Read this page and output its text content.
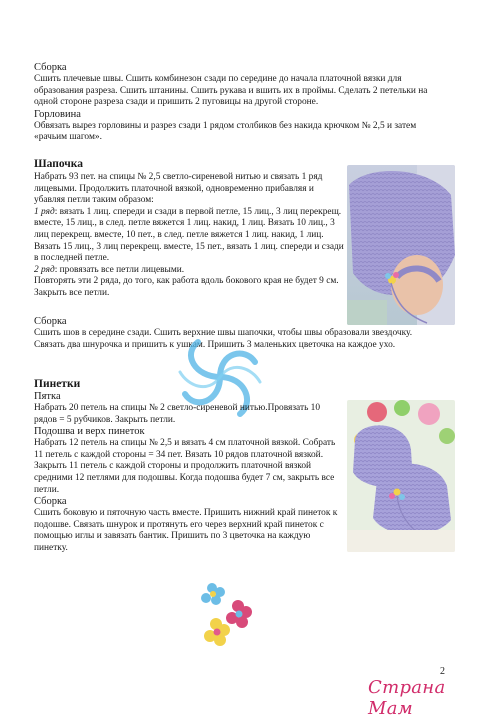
Сборка

Сшить плечевые швы. Сшить комбинезон сзади по середине до начала платочной вязки для образования разреза. Сшить штанины. Сшить рукава и вшить их в проймы. Сделать 2 петельки на одной стороне разреза сзади и пришить 2 пуговицы на другой стороне.

Горловина

Обвязать вырез горловины и разрез сзади 1 рядом столбиков без накида крючком № 2,5 и затем «рачьим шагом».

Шапочка

Набрать 93 пет. на спицы № 2,5 светло-сиреневой нитью и связать 1 ряд лицевыми. Продолжить платочной вязкой, одновременно прибавляя и убавляя петли таким образом:

1 ряд: вязать 1 лиц. спереди и сзади в первой петле, 15 лиц., 3 лиц перекрещ. вместе, 15 лиц., в след. петле вяжется 1 лиц. накид, 1 лиц. Вязать 10 лиц., 3 лиц перекрещ. вместе, 10 пет., в след. петле вяжется 1 лиц. накид, 1 лиц. Вязать 15 лиц., 3 лиц перекрещ. вместе, 15 пет., вязать 1 лиц. спереди и сзади в последней петле.

2 ряд: провязать все петли лицевыми.

Повторять эти 2 ряда, до того, как работа вдоль бокового края не будет 9 см. Закрыть все петли.

Сборка

Сшить шов в середине сзади. Сшить верхние швы шапочки, чтобы швы образовали звездочку. Связать два шнурочка и пришить к ушкам. Пришить 3 маленьких цветочка на каждое ухо.

Пинетки

Пятка

Набрать 20 петель на спицы № 2 светло-сиреневой нитью.Провязать 10 рядов = 5 рубчиков. Закрыть петли.

Подошва и верх пинеток

Набрать 12 петель на спицы № 2,5 и вязать 4 см платочной вязкой. Собрать 11 петель с каждой стороны = 34 пет. Вязать 10 рядов платочной вязкой. Закрыть 11 петель с каждой стороны и продолжить платочной вязкой средними 12 петлями для подошвы. Когда подошва будет 7 см, закрыть все петли.

Сборка

Сшить боковую и пяточную часть вместе. Пришить нижний край пинеток к подошве. Связать шнурок и протянуть его через верхний край пинеток с помощью иглы и завязать бантик. Пришить по 3 цветочка на каждую пинетку.

2
Страна Мам
